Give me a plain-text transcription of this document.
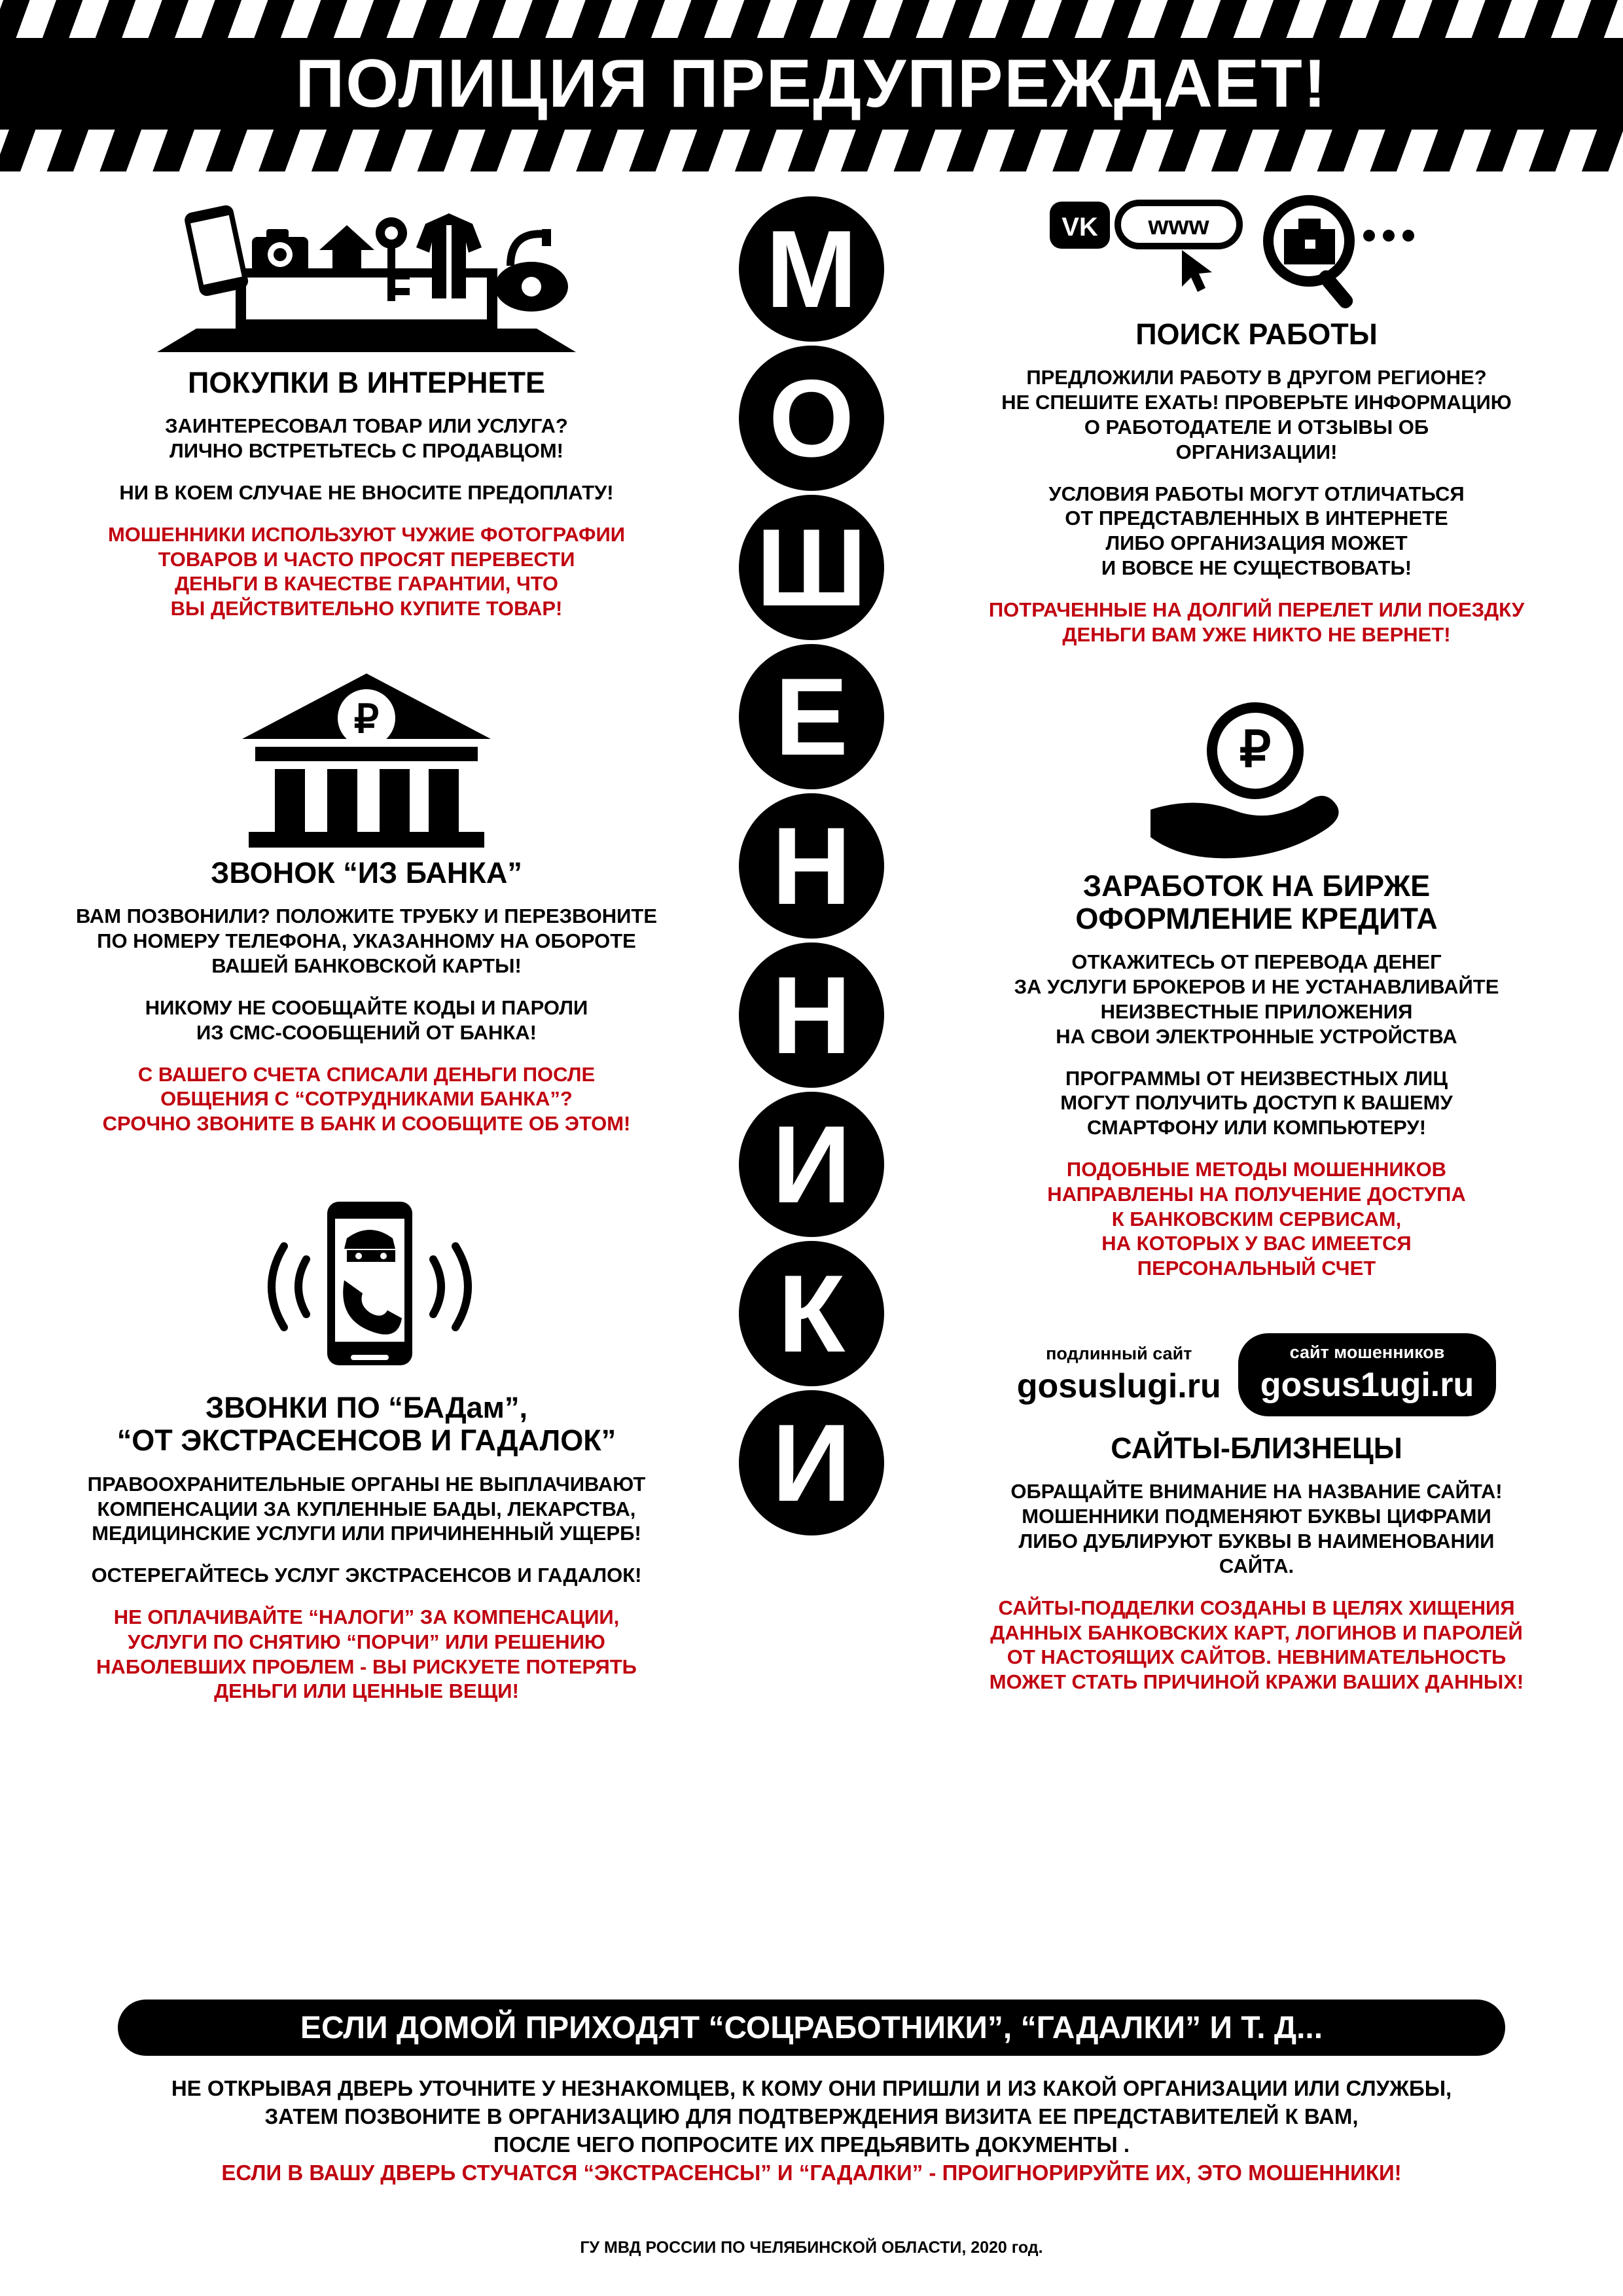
ПОЛИЦИЯ ПРЕДУПРЕЖДАЕТ!
М
О
Ш
Е
Н
Н
И
К
И
ПОКУПКИ В ИНТЕРНЕТЕ
ЗАИНТЕРЕСОВАЛ ТОВАР ИЛИ УСЛУГА?
ЛИЧНО ВСТРЕТЬТЕСЬ С ПРОДАВЦОМ!
НИ В КОЕМ СЛУЧАЕ НЕ ВНОСИТЕ ПРЕДОПЛАТУ!
МОШЕННИКИ ИСПОЛЬЗУЮТ ЧУЖИЕ ФОТОГРАФИИ
ТОВАРОВ И ЧАСТО ПРОСЯТ ПЕРЕВЕСТИ
ДЕНЬГИ В КАЧЕСТВЕ ГАРАНТИИ, ЧТО
ВЫ ДЕЙСТВИТЕЛЬНО КУПИТЕ ТОВАР!
₽
ЗВОНОК “ИЗ БАНКА”
ВАМ ПОЗВОНИЛИ? ПОЛОЖИТЕ ТРУБКУ И ПЕРЕЗВОНИТЕ
ПО НОМЕРУ ТЕЛЕФОНА, УКАЗАННОМУ НА ОБОРОТЕ
ВАШЕЙ БАНКОВСКОЙ КАРТЫ!
НИКОМУ НЕ СООБЩАЙТЕ КОДЫ И ПАРОЛИ
ИЗ СМС-СООБЩЕНИЙ ОТ БАНКА!
С ВАШЕГО СЧЕТА СПИСАЛИ ДЕНЬГИ ПОСЛЕ
ОБЩЕНИЯ С “СОТРУДНИКАМИ БАНКА”?
СРОЧНО ЗВОНИТЕ В БАНК И СООБЩИТЕ ОБ ЭТОМ!
ЗВОНКИ ПО “БАДам”,
“ОТ ЭКСТРАСЕНСОВ И ГАДАЛОК”
ПРАВООХРАНИТЕЛЬНЫЕ ОРГАНЫ НЕ ВЫПЛАЧИВАЮТ
КОМПЕНСАЦИИ ЗА КУПЛЕННЫЕ БАДЫ, ЛЕКАРСТВА,
МЕДИЦИНСКИЕ УСЛУГИ ИЛИ ПРИЧИНЕННЫЙ УЩЕРБ!
ОСТЕРЕГАЙТЕСЬ УСЛУГ ЭКСТРАСЕНСОВ И ГАДАЛОК!
НЕ ОПЛАЧИВАЙТЕ “НАЛОГИ” ЗА КОМПЕНСАЦИИ,
УСЛУГИ ПО СНЯТИЮ “ПОРЧИ” ИЛИ РЕШЕНИЮ
НАБОЛЕВШИХ ПРОБЛЕМ - ВЫ РИСКУЕТЕ ПОТЕРЯТЬ
ДЕНЬГИ ИЛИ ЦЕННЫЕ ВЕЩИ!
VK www
ПОИСК РАБОТЫ
ПРЕДЛОЖИЛИ РАБОТУ В ДРУГОМ РЕГИОНЕ?
НЕ СПЕШИТЕ ЕХАТЬ! ПРОВЕРЬТЕ ИНФОРМАЦИЮ
О РАБОТОДАТЕЛЕ И ОТЗЫВЫ ОБ
ОРГАНИЗАЦИИ!
УСЛОВИЯ РАБОТЫ МОГУТ ОТЛИЧАТЬСЯ
ОТ ПРЕДСТАВЛЕННЫХ В ИНТЕРНЕТЕ
ЛИБО ОРГАНИЗАЦИЯ МОЖЕТ
И ВОВСЕ НЕ СУЩЕСТВОВАТЬ!
ПОТРАЧЕННЫЕ НА ДОЛГИЙ ПЕРЕЛЕТ ИЛИ ПОЕЗДКУ
ДЕНЬГИ ВАМ УЖЕ НИКТО НЕ ВЕРНЕТ!
₽
ЗАРАБОТОК НА БИРЖЕ
ОФОРМЛЕНИЕ КРЕДИТА
ОТКАЖИТЕСЬ ОТ ПЕРЕВОДА ДЕНЕГ
ЗА УСЛУГИ БРОКЕРОВ И НЕ УСТАНАВЛИВАЙТЕ
НЕИЗВЕСТНЫЕ ПРИЛОЖЕНИЯ
НА СВОИ ЭЛЕКТРОННЫЕ УСТРОЙСТВА
ПРОГРАММЫ ОТ НЕИЗВЕСТНЫХ ЛИЦ
МОГУТ ПОЛУЧИТЬ ДОСТУП К ВАШЕМУ
СМАРТФОНУ ИЛИ КОМПЬЮТЕРУ!
ПОДОБНЫЕ МЕТОДЫ МОШЕННИКОВ
НАПРАВЛЕНЫ НА ПОЛУЧЕНИЕ ДОСТУПА
К БАНКОВСКИМ СЕРВИСАМ,
НА КОТОРЫХ У ВАС ИМЕЕТСЯ
ПЕРСОНАЛЬНЫЙ СЧЕТ
подлинный сайт
gosuslugi.ru
сайт мошенников
gosus1ugi.ru
САЙТЫ-БЛИЗНЕЦЫ
ОБРАЩАЙТЕ ВНИМАНИЕ НА НАЗВАНИЕ САЙТА!
МОШЕННИКИ ПОДМЕНЯЮТ БУКВЫ ЦИФРАМИ
ЛИБО ДУБЛИРУЮТ БУКВЫ В НАИМЕНОВАНИИ
САЙТА.
САЙТЫ-ПОДДЕЛКИ СОЗДАНЫ В ЦЕЛЯХ ХИЩЕНИЯ
ДАННЫХ БАНКОВСКИХ КАРТ, ЛОГИНОВ И ПАРОЛЕЙ
ОТ НАСТОЯЩИХ САЙТОВ. НЕВНИМАТЕЛЬНОСТЬ
МОЖЕТ СТАТЬ ПРИЧИНОЙ КРАЖИ ВАШИХ ДАННЫХ!
ЕСЛИ ДОМОЙ ПРИХОДЯТ “СОЦРАБОТНИКИ”, “ГАДАЛКИ” И Т. Д...
НЕ ОТКРЫВАЯ ДВЕРЬ УТОЧНИТЕ У НЕЗНАКОМЦЕВ, К КОМУ ОНИ ПРИШЛИ И ИЗ КАКОЙ ОРГАНИЗАЦИИ ИЛИ СЛУЖБЫ,
ЗАТЕМ ПОЗВОНИТЕ В ОРГАНИЗАЦИЮ ДЛЯ ПОДТВЕРЖДЕНИЯ ВИЗИТА ЕЕ ПРЕДСТАВИТЕЛЕЙ К ВАМ,
ПОСЛЕ ЧЕГО ПОПРОСИТЕ ИХ ПРЕДЬЯВИТЬ ДОКУМЕНТЫ .
ЕСЛИ В ВАШУ ДВЕРЬ СТУЧАТСЯ “ЭКСТРАСЕНСЫ” И “ГАДАЛКИ” - ПРОИГНОРИРУЙТЕ ИХ, ЭТО МОШЕННИКИ!
ГУ МВД РОССИИ ПО ЧЕЛЯБИНСКОЙ ОБЛАСТИ, 2020 год.
